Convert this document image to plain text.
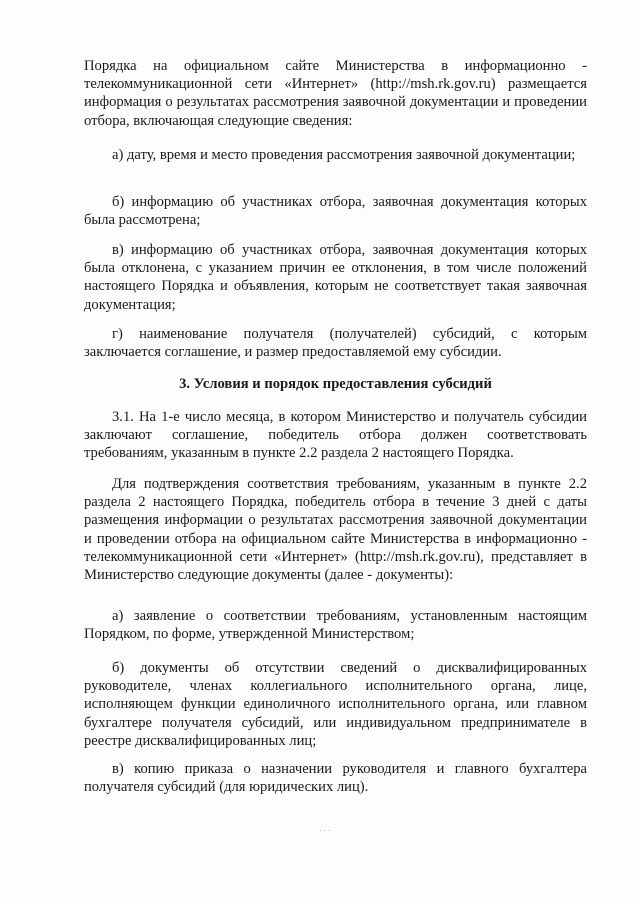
Порядка на официальном сайте Министерства в информационно - телекоммуникационной сети «Интернет» (http://msh.rk.gov.ru) размещается информация о результатах рассмотрения заявочной документации и проведении отбора, включающая следующие сведения:

а) дату, время и место проведения рассмотрения заявочной документации;

б) информацию об участниках отбора, заявочная документация которых была рассмотрена;

в) информацию об участниках отбора, заявочная документация которых была отклонена, с указанием причин ее отклонения, в том числе положений настоящего Порядка и объявления, которым не соответствует такая заявочная документация;

г) наименование получателя (получателей) субсидий, с которым заключается соглашение, и размер предоставляемой ему субсидии.

3. Условия и порядок предоставления субсидий

3.1. На 1-е число месяца, в котором Министерство и получатель субсидии заключают соглашение, победитель отбора должен соответствовать требованиям, указанным в пункте 2.2 раздела 2 настоящего Порядка.

Для подтверждения соответствия требованиям, указанным в пункте 2.2 раздела 2 настоящего Порядка, победитель отбора в течение 3 дней с даты размещения информации о результатах рассмотрения заявочной документации и проведении отбора на официальном сайте Министерства в информационно - телекоммуникационной сети «Интернет» (http://msh.rk.gov.ru), представляет в Министерство следующие документы (далее - документы):

а) заявление о соответствии требованиям, установленным настоящим Порядком, по форме, утвержденной Министерством;

б) документы об отсутствии сведений о дисквалифицированных руководителе, членах коллегиального исполнительного органа, лице, исполняющем функции единоличного исполнительного органа, или главном бухгалтере получателя субсидий, или индивидуальном предпринимателе в реестре дисквалифицированных лиц;

в) копию приказа о назначении руководителя и главного бухгалтера получателя субсидий (для юридических лиц).

˙˙˙
